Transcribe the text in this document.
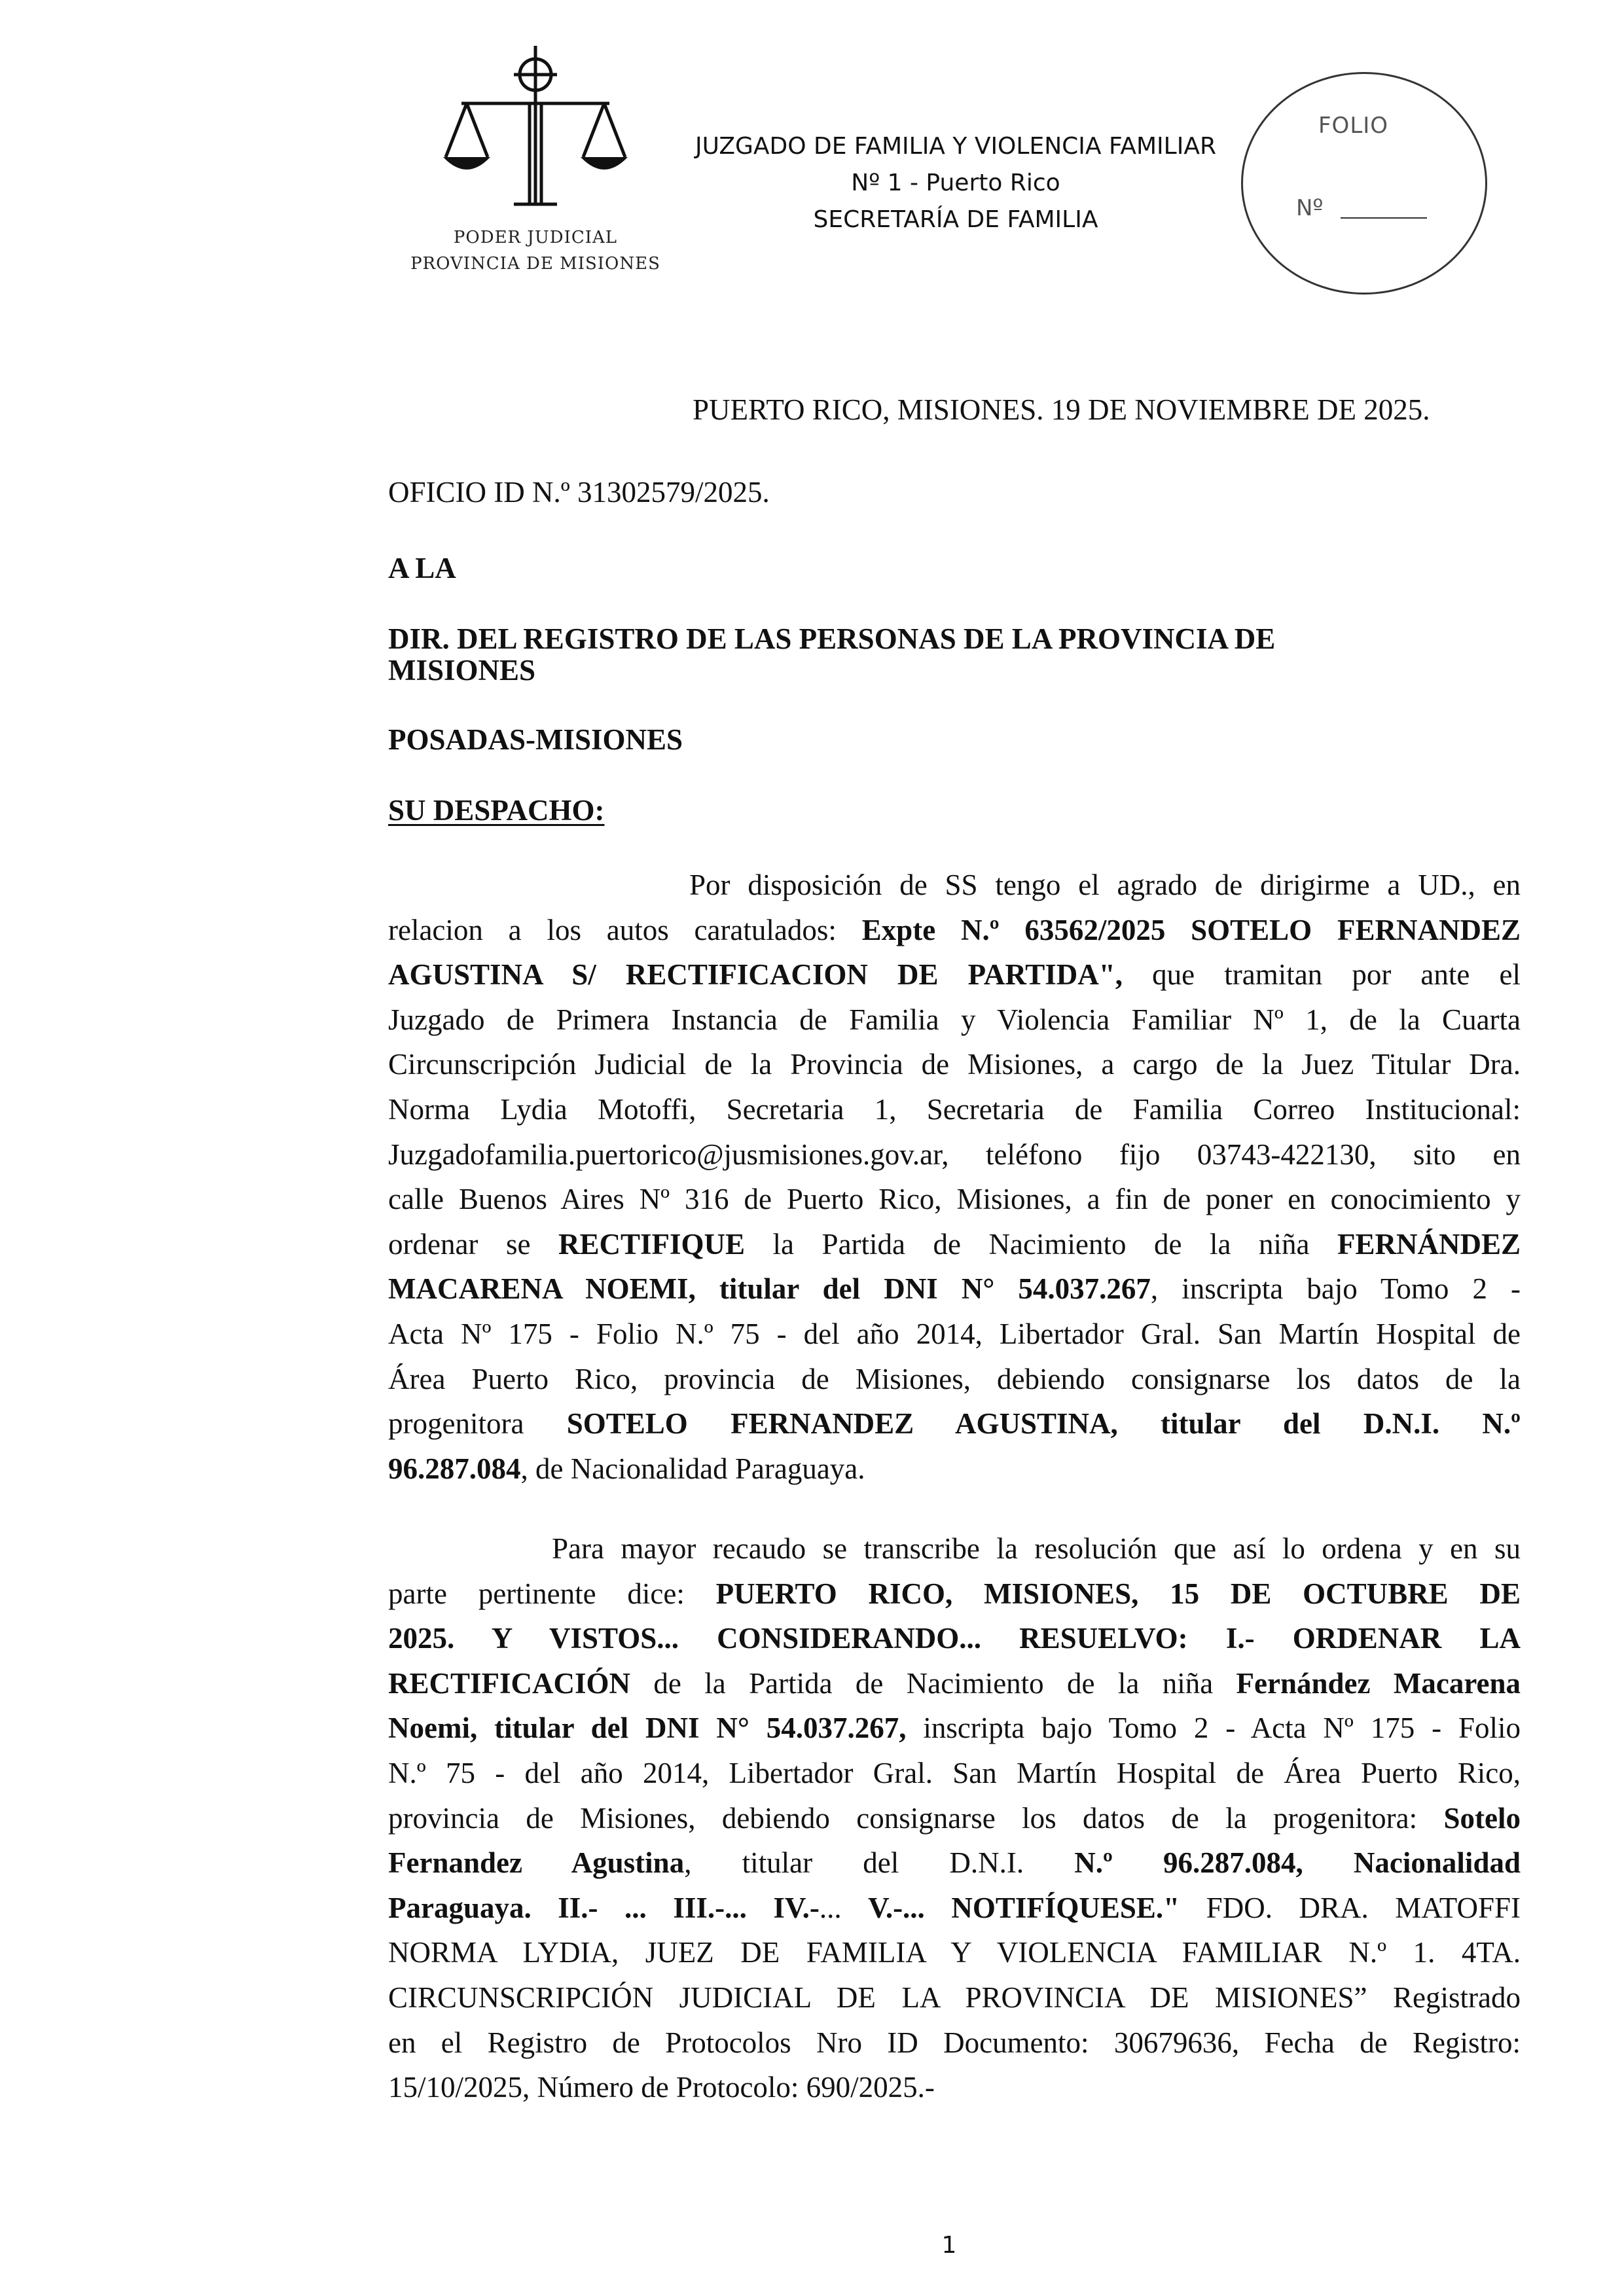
PODER JUDICIAL
PROVINCIA DE MISIONES
JUZGADO DE FAMILIA Y VIOLENCIA FAMILIAR
Nº 1 - Puerto Rico
SECRETARÍA DE FAMILIA
FOLIO
Nº
PUERTO RICO, MISIONES. 19 DE NOVIEMBRE DE 2025.
OFICIO ID N.º 31302579/2025.
A LA
DIR. DEL REGISTRO DE LAS PERSONAS DE LA PROVINCIA DE
MISIONES
POSADAS-MISIONES
SU DESPACHO:
Por disposición de SS tengo el agrado de dirigirme a UD., en
relacion a los autos caratulados: Expte N.º 63562/2025 SOTELO FERNANDEZ
AGUSTINA S/ RECTIFICACION DE PARTIDA", que tramitan por ante el
Juzgado de Primera Instancia de Familia y Violencia Familiar Nº 1, de la Cuarta
Circunscripción Judicial de la Provincia de Misiones, a cargo de la Juez Titular Dra.
Norma Lydia Motoffi, Secretaria 1, Secretaria de Familia Correo Institucional:
Juzgadofamilia.puertorico@jusmisiones.gov.ar, teléfono fijo 03743-422130, sito en
calle Buenos Aires Nº 316 de Puerto Rico, Misiones, a fin de poner en conocimiento y
ordenar se RECTIFIQUE la Partida de Nacimiento de la niña FERNÁNDEZ
MACARENA NOEMI, titular del DNI N° 54.037.267, inscripta bajo Tomo 2 -
Acta Nº 175 - Folio N.º 75 - del año 2014, Libertador Gral. San Martín Hospital de
Área Puerto Rico, provincia de Misiones, debiendo consignarse los datos de la
progenitora SOTELO FERNANDEZ AGUSTINA, titular del D.N.I. N.º
96.287.084, de Nacionalidad Paraguaya.
Para mayor recaudo se transcribe la resolución que así lo ordena y en su
parte pertinente dice: PUERTO RICO, MISIONES, 15 DE OCTUBRE DE
2025. Y VISTOS... CONSIDERANDO... RESUELVO: I.- ORDENAR LA
RECTIFICACIÓN de la Partida de Nacimiento de la niña Fernández Macarena
Noemi, titular del DNI N° 54.037.267, inscripta bajo Tomo 2 - Acta Nº 175 - Folio
N.º 75 - del año 2014, Libertador Gral. San Martín Hospital de Área Puerto Rico,
provincia de Misiones, debiendo consignarse los datos de la progenitora: Sotelo
Fernandez Agustina, titular del D.N.I. N.º 96.287.084, Nacionalidad
Paraguaya. II.- ... III.-... IV.-... V.-... NOTIFÍQUESE." FDO. DRA. MATOFFI
NORMA LYDIA, JUEZ DE FAMILIA Y VIOLENCIA FAMILIAR N.º 1. 4TA.
CIRCUNSCRIPCIÓN JUDICIAL DE LA PROVINCIA DE MISIONES” Registrado
en el Registro de Protocolos Nro ID Documento: 30679636, Fecha de Registro:
15/10/2025, Número de Protocolo: 690/2025.-
1
